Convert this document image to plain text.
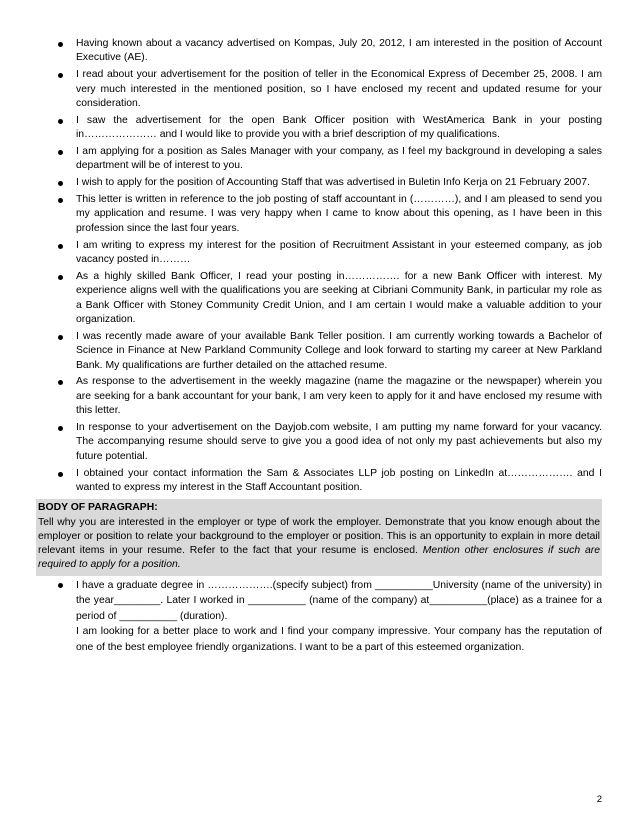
Having known about a vacancy advertised on Kompas, July 20, 2012, I am interested in the position of Account Executive (AE).
I read about your advertisement for the position of teller in the Economical Express of December 25, 2008. I am very much interested in the mentioned position, so I have enclosed my recent and updated resume for your consideration.
I saw the advertisement for the open Bank Officer position with WestAmerica Bank in your posting in………………… and I would like to provide you with a brief description of my qualifications.
I am applying for a position as Sales Manager with your company, as I feel my background in developing a sales department will be of interest to you.
I wish to apply for the position of Accounting Staff that was advertised in Buletin Info Kerja on 21 February 2007.
This letter is written in reference to the job posting of staff accountant in (…………), and I am pleased to send you my application and resume. I was very happy when I came to know about this opening, as I have been in this profession since the last four years.
I am writing to express my interest for the position of Recruitment Assistant in your esteemed company, as job vacancy posted in………
As a highly skilled Bank Officer, I read your posting in……………. for a new Bank Officer with interest. My experience aligns well with the qualifications you are seeking at Cibriani Community Bank, in particular my role as a Bank Officer with Stoney Community Credit Union, and I am certain I would make a valuable addition to your organization.
I was recently made aware of your available Bank Teller position. I am currently working towards a Bachelor of Science in Finance at New Parkland Community College and look forward to starting my career at New Parkland Bank. My qualifications are further detailed on the attached resume.
As response to the advertisement in the weekly magazine (name the magazine or the newspaper) wherein you are seeking for a bank accountant for your bank, I am very keen to apply for it and have enclosed my resume with this letter.
In response to your advertisement on the Dayjob.com website, I am putting my name forward for your vacancy. The accompanying resume should serve to give you a good idea of not only my past achievements but also my future potential.
I obtained your contact information the Sam & Associates LLP job posting on LinkedIn at………………. and I wanted to express my interest in the Staff Accountant position.
BODY OF PARAGRAPH:
Tell why you are interested in the employer or type of work the employer. Demonstrate that you know enough about the employer or position to relate your background to the employer or position. This is an opportunity to explain in more detail relevant items in your resume. Refer to the fact that your resume is enclosed. Mention other enclosures if such are required to apply for a position.

I have a graduate degree in ……………….(specify subject) from __________University (name of the university) in the year________. Later I worked in __________ (name of the company) at__________(place) as a trainee for a period of __________ (duration).

I am looking for a better place to work and I find your company impressive. Your company has the reputation of one of the best employee friendly organizations. I want to be a part of this esteemed organization.

2
